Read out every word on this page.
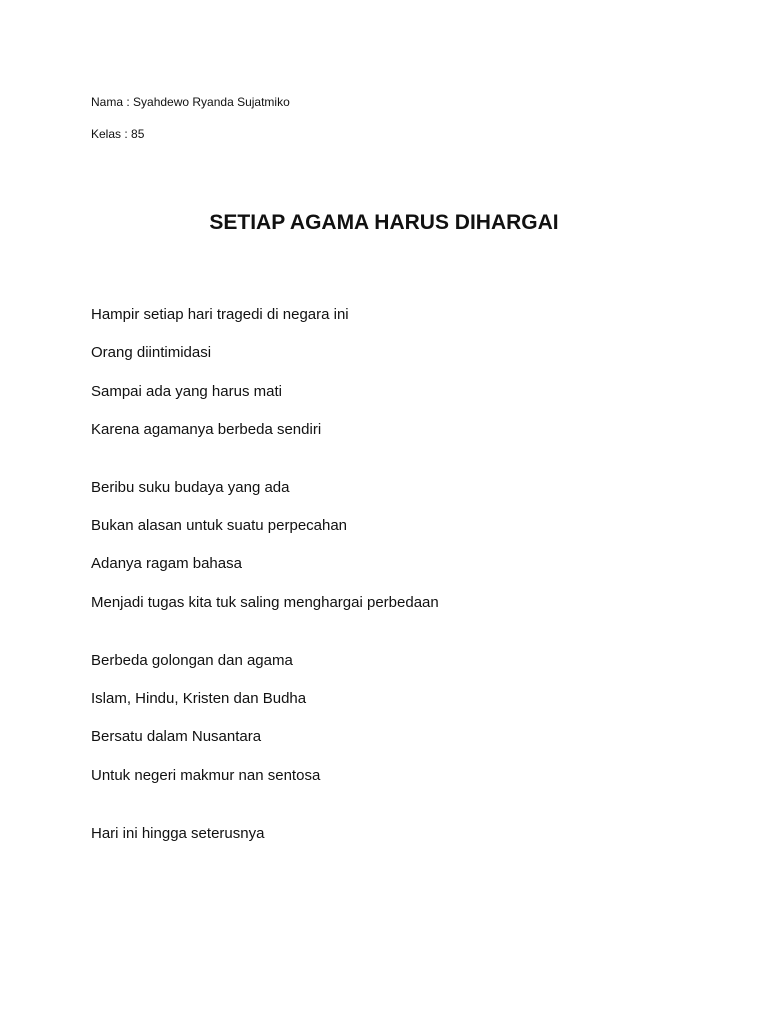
Nama : Syahdewo Ryanda Sujatmiko
Kelas : 85
SETIAP AGAMA HARUS DIHARGAI
Hampir setiap hari tragedi di negara ini
Orang diintimidasi
Sampai ada yang harus mati
Karena agamanya berbeda sendiri
Beribu suku budaya yang ada
Bukan alasan untuk suatu perpecahan
Adanya ragam bahasa
Menjadi tugas kita tuk saling menghargai perbedaan
Berbeda golongan dan agama
Islam, Hindu, Kristen dan Budha
Bersatu dalam Nusantara
Untuk negeri makmur nan sentosa
Hari ini hingga seterusnya
